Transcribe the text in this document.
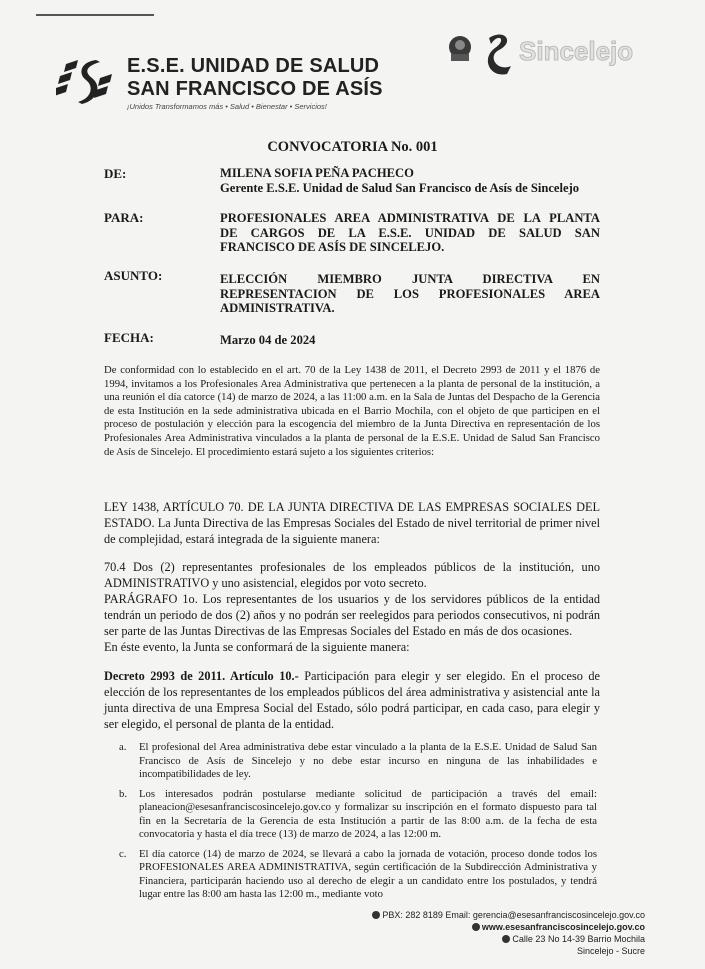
E.S.E. UNIDAD DE SALUD
SAN FRANCISCO DE ASÍS
¡Unidos Transformamos más • Salud • Bienestar • Servicios!
Sincelejo
CONVOCATORIA No. 001
DE:	MILENA SOFIA PEÑA PACHECO
Gerente E.S.E. Unidad de Salud San Francisco de Asís de Sincelejo
PARA:	PROFESIONALES AREA ADMINISTRATIVA DE LA PLANTA
DE CARGOS DE LA E.S.E. UNIDAD DE SALUD SAN
FRANCISCO DE ASÍS DE SINCELEJO.
ASUNTO:	ELECCIÓN MIEMBRO JUNTA DIRECTIVA EN
REPRESENTACION DE LOS PROFESIONALES AREA
ADMINISTRATIVA.
FECHA:	Marzo 04 de 2024
De conformidad con lo establecido en el art. 70 de la Ley 1438 de 2011, el Decreto 2993 de 2011 y el 1876 de 1994, invitamos a los Profesionales Area Administrativa que pertenecen a la planta de personal de la institución, a una reunión el día catorce (14) de marzo de 2024, a las 11:00 a.m. en la Sala de Juntas del Despacho de la Gerencia de esta Institución en la sede administrativa ubicada en el Barrio Mochila, con el objeto de que participen en el proceso de postulación y elección para la escogencia del miembro de la Junta Directiva en representación de los Profesionales Area Administrativa vinculados a la planta de personal de la E.S.E. Unidad de Salud San Francisco de Asís de Sincelejo. El procedimiento estará sujeto a los siguientes criterios:
LEY 1438, ARTÍCULO 70. DE LA JUNTA DIRECTIVA DE LAS EMPRESAS SOCIALES DEL ESTADO. La Junta Directiva de las Empresas Sociales del Estado de nivel territorial de primer nivel de complejidad, estará integrada de la siguiente manera:
70.4 Dos (2) representantes profesionales de los empleados públicos de la institución, uno ADMINISTRATIVO y uno asistencial, elegidos por voto secreto.
PARÁGRAFO 1o. Los representantes de los usuarios y de los servidores públicos de la entidad tendrán un periodo de dos (2) años y no podrán ser reelegidos para periodos consecutivos, ni podrán ser parte de las Juntas Directivas de las Empresas Sociales del Estado en más de dos ocasiones.
En éste evento, la Junta se conformará de la siguiente manera:
Decreto 2993 de 2011. Artículo 10.- Participación para elegir y ser elegido. En el proceso de elección de los representantes de los empleados públicos del área administrativa y asistencial ante la junta directiva de una Empresa Social del Estado, sólo podrá participar, en cada caso, para elegir y ser elegido, el personal de planta de la entidad.
a. El profesional del Area administrativa debe estar vinculado a la planta de la E.S.E. Unidad de Salud San Francisco de Asís de Sincelejo y no debe estar incurso en ninguna de las inhabilidades e incompatibilidades de ley.
b. Los interesados podrán postularse mediante solicitud de participación a través del email: planeacion@esesanfranciscosincelejo.gov.co y formalizar su inscripción en el formato dispuesto para tal fin en la Secretaría de la Gerencia de esta Institución a partir de las 8:00 a.m. de la fecha de esta convocatoria y hasta el día trece (13) de marzo de 2024, a las 12:00 m.
c. El día catorce (14) de marzo de 2024, se llevará a cabo la jornada de votación, proceso donde todos los PROFESIONALES AREA ADMINISTRATIVA, según certificación de la Subdirección Administrativa y Financiera, participarán haciendo uso al derecho de elegir a un candidato entre los postulados, y tendrá lugar entre las 8:00 am hasta las 12:00 m., mediante voto
PBX: 282 8189 Email: gerencia@esesanfranciscosincelejo.gov.co
www.esesanfranciscosincelejo.gov.co
Calle 23 No 14-39 Barrio Mochila
Sincelejo - Sucre
